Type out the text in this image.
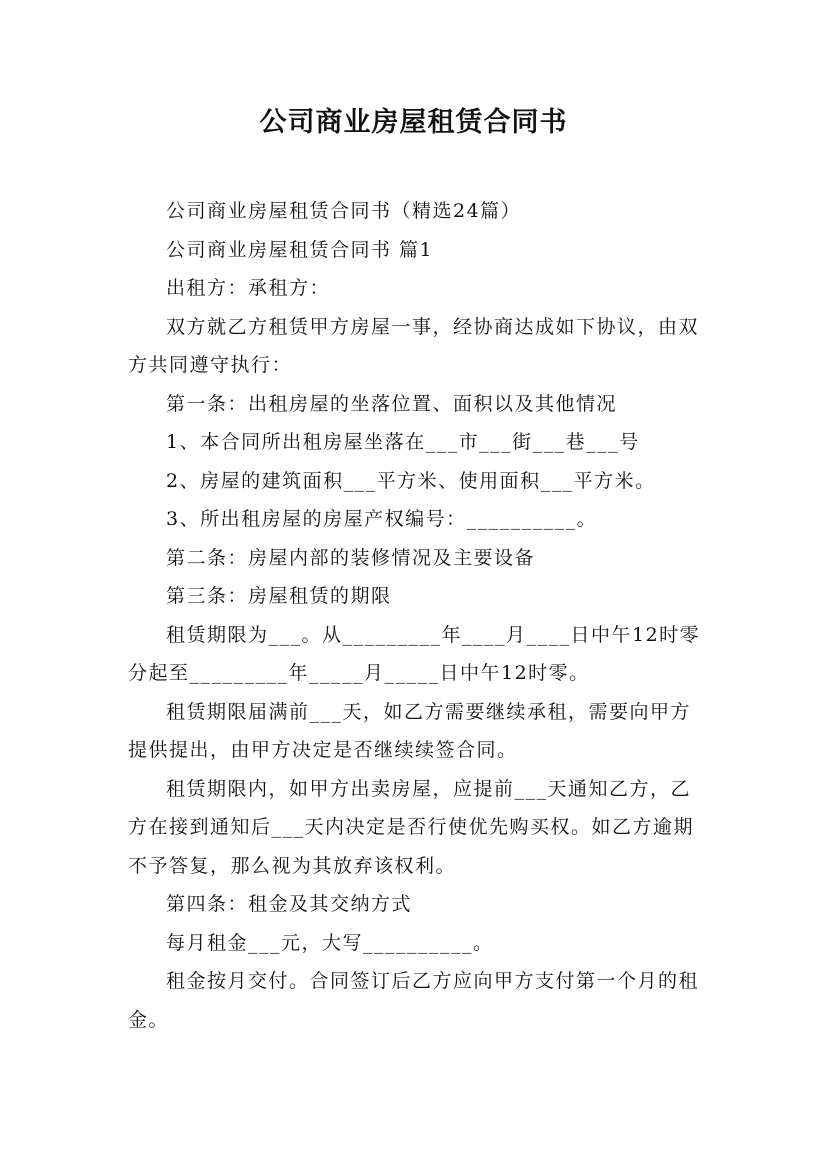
公司商业房屋租赁合同书

公司商业房屋租赁合同书（精选24篇）

公司商业房屋租赁合同书 篇1

出租方：承租方：

双方就乙方租赁甲方房屋一事，经协商达成如下协议，由双方共同遵守执行：

第一条：出租房屋的坐落位置、面积以及其他情况

1、本合同所出租房屋坐落在___市___街___巷___号

2、房屋的建筑面积___平方米、使用面积___平方米。

3、所出租房屋的房屋产权编号：__________。

第二条：房屋内部的装修情况及主要设备

第三条：房屋租赁的期限

租赁期限为___。从_________年____月____日中午12时零分起至_________年_____月_____日中午12时零。

租赁期限届满前___天，如乙方需要继续承租，需要向甲方提供提出，由甲方决定是否继续续签合同。

租赁期限内，如甲方出卖房屋，应提前___天通知乙方，乙方在接到通知后___天内决定是否行使优先购买权。如乙方逾期不予答复，那么视为其放弃该权利。

第四条：租金及其交纳方式

每月租金___元，大写__________。

租金按月交付。合同签订后乙方应向甲方支付第一个月的租金。
